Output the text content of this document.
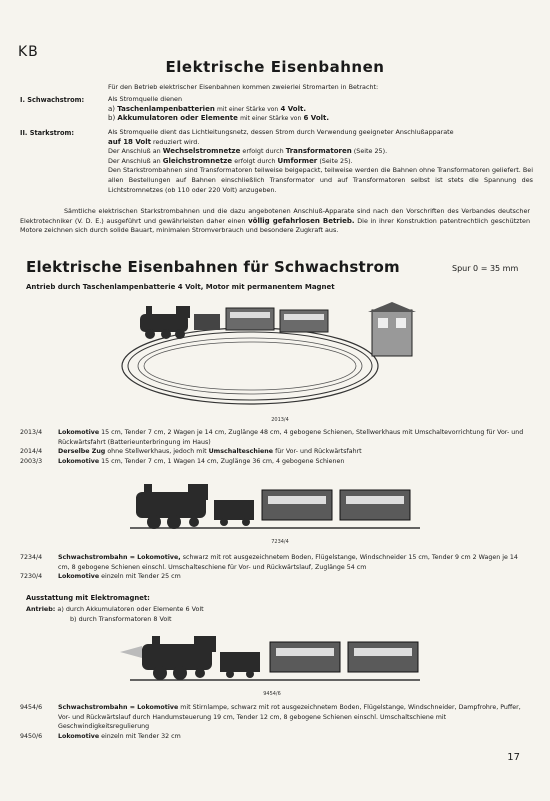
KB
Elektrische Eisenbahnen
Für den Betrieb elektrischer Eisenbahnen kommen zweierlei Stromarten in Betracht:
I. Schwachstrom:	Als Stromquelle dienen
a) Taschenlampenbatterien mit einer Stärke von 4 Volt.
b) Akkumulatoren oder Elemente mit einer Stärke von 6 Volt.
II. Starkstrom:	Als Stromquelle dient das Lichtleitungsnetz, dessen Strom durch Verwendung geeigneter Anschlußapparate
auf 18 Volt reduziert wird.
Der Anschluß an Wechselstromnetze erfolgt durch Transformatoren (Seite 25).
Der Anschluß an Gleichstromnetze erfolgt durch Umformer (Seite 25).
Den Starkstrombahnen sind Transformatoren teilweise beigepackt, teilweise werden die Bahnen ohne Transformatoren geliefert. Bei allen Bestellungen auf Bahnen einschließlich Transformator und auf Transformatoren selbst ist stets die Spannung des Lichtstromnetzes (ob 110 oder 220 Volt) anzugeben.
Sämtliche elektrischen Starkstrombahnen und die dazu angebotenen Anschluß-Apparate sind nach den Vorschriften des Verbandes deutscher Elektrotechniker (V. D. E.) ausgeführt und gewährleisten daher einen völlig gefahrlosen Betrieb. Die in ihrer Konstruktion patentrechtlich geschützten Motore zeichnen sich durch solide Bauart, minimalen Stromverbrauch und besondere Zugkraft aus.
Elektrische Eisenbahnen für Schwachstrom	Spur 0 = 35 mm
Antrieb durch Taschenlampenbatterie 4 Volt, Motor mit permanentem Magnet
2013/4
2013/4	Lokomotive 15 cm, Tender 7 cm, 2 Wagen je 14 cm, Zuglänge 48 cm, 4 gebogene Schienen, Stellwerkhaus mit Umschaltevorrichtung für Vor- und Rückwärtsfahrt (Batterieunterbringung im Haus)
2014/4	Derselbe Zug ohne Stellwerkhaus, jedoch mit Umschalteschiene für Vor- und Rückwärtsfahrt
2003/3	Lokomotive 15 cm, Tender 7 cm, 1 Wagen 14 cm, Zuglänge 36 cm, 4 gebogene Schienen
7234/4
7234/4	Schwachstrombahn = Lokomotive, schwarz mit rot ausgezeichnetem Boden, Flügelstange, Windschneider 15 cm, Tender 9 cm 2 Wagen je 14 cm, 8 gebogene Schienen einschl. Umschalteschiene für Vor- und Rückwärtslauf, Zuglänge 54 cm
7230/4	Lokomotive einzeln mit Tender 25 cm
Ausstattung mit Elektromagnet:
Antrieb: a) durch Akkumulatoren oder Elemente 6 Volt
b) durch Transformatoren 8 Volt
9454/6
9454/6	Schwachstrombahn = Lokomotive mit Stirnlampe, schwarz mit rot ausgezeichnetem Boden, Flügelstange, Windschneider, Dampfrohre, Puffer, Vor- und Rückwärtslauf durch Handumsteuerung 19 cm, Tender 12 cm, 8 gebogene Schienen einschl. Umschaltschiene mit Geschwindigkeitsregulierung
9450/6	Lokomotive einzeln mit Tender 32 cm
17
